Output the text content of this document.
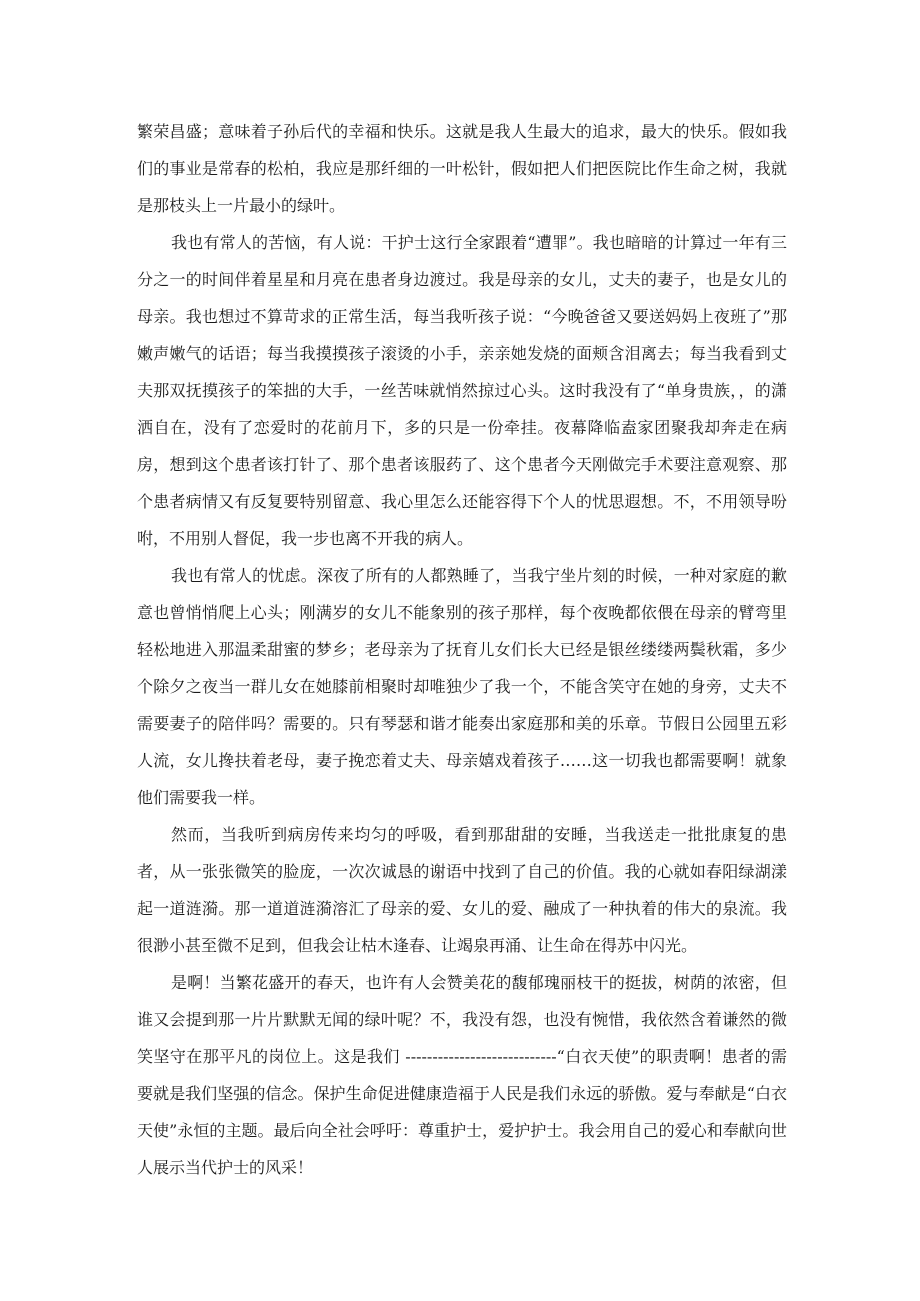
繁荣昌盛；意味着子孙后代的幸福和快乐。这就是我人生最大的追求，最大的快乐。假如我们的事业是常春的松柏，我应是那纤细的一叶松针，假如把人们把医院比作生命之树，我就是那枝头上一片最小的绿叶。

我也有常人的苦恼，有人说：干护士这行全家跟着“遭罪”。我也暗暗的计算过一年有三分之一的时间伴着星星和月亮在患者身边渡过。我是母亲的女儿，丈夫的妻子，也是女儿的母亲。我也想过不算苛求的正常生活，每当我听孩子说：“今晚爸爸又要送妈妈上夜班了”那嫩声嫩气的话语；每当我摸摸孩子滚烫的小手，亲亲她发烧的面颊含泪离去；每当我看到丈夫那双抚摸孩子的笨拙的大手，一丝苦味就悄然掠过心头。这时我没有了“单身贵族，，的潇洒自在，没有了恋爱时的花前月下，多的只是一份牵挂。夜幕降临盍家团聚我却奔走在病房，想到这个患者该打针了、那个患者该服药了、这个患者今天刚做完手术要注意观察、那个患者病情又有反复要特别留意、我心里怎么还能容得下个人的忧思遐想。不，不用领导吩咐，不用别人督促，我一步也离不开我的病人。

我也有常人的忧虑。深夜了所有的人都熟睡了，当我宁坐片刻的时候，一种对家庭的歉意也曾悄悄爬上心头；刚满岁的女儿不能象别的孩子那样，每个夜晚都依偎在母亲的臂弯里轻松地进入那温柔甜蜜的梦乡；老母亲为了抚育儿女们长大已经是银丝缕缕两鬓秋霜，多少个除夕之夜当一群儿女在她膝前相聚时却唯独少了我一个，不能含笑守在她的身旁，丈夫不需要妻子的陪伴吗？需要的。只有琴瑟和谐才能奏出家庭那和美的乐章。节假日公园里五彩人流，女儿搀扶着老母，妻子挽恋着丈夫、母亲嬉戏着孩子……这一切我也都需要啊！就象他们需要我一样。

然而，当我听到病房传来均匀的呼吸，看到那甜甜的安睡，当我送走一批批康复的患者，从一张张微笑的脸庞，一次次诚恳的谢语中找到了自己的价值。我的心就如春阳绿湖漾起一道涟漪。那一道道涟漪溶汇了母亲的爱、女儿的爱、融成了一种执着的伟大的泉流。我很渺小甚至微不足到，但我会让枯木逢春、让竭泉再涌、让生命在得苏中闪光。

是啊！当繁花盛开的春天，也许有人会赞美花的馥郁瑰丽枝干的挺拔，树荫的浓密，但谁又会提到那一片片默默无闻的绿叶呢？不，我没有怨，也没有惋惜，我依然含着谦然的微笑坚守在那平凡的岗位上。这是我们 ----------------------------“白衣天使”的职责啊！患者的需要就是我们坚强的信念。保护生命促进健康造福于人民是我们永远的骄傲。爱与奉献是“白衣天使”永恒的主题。最后向全社会呼吁：尊重护士，爱护护士。我会用自己的爱心和奉献向世人展示当代护士的风采！
